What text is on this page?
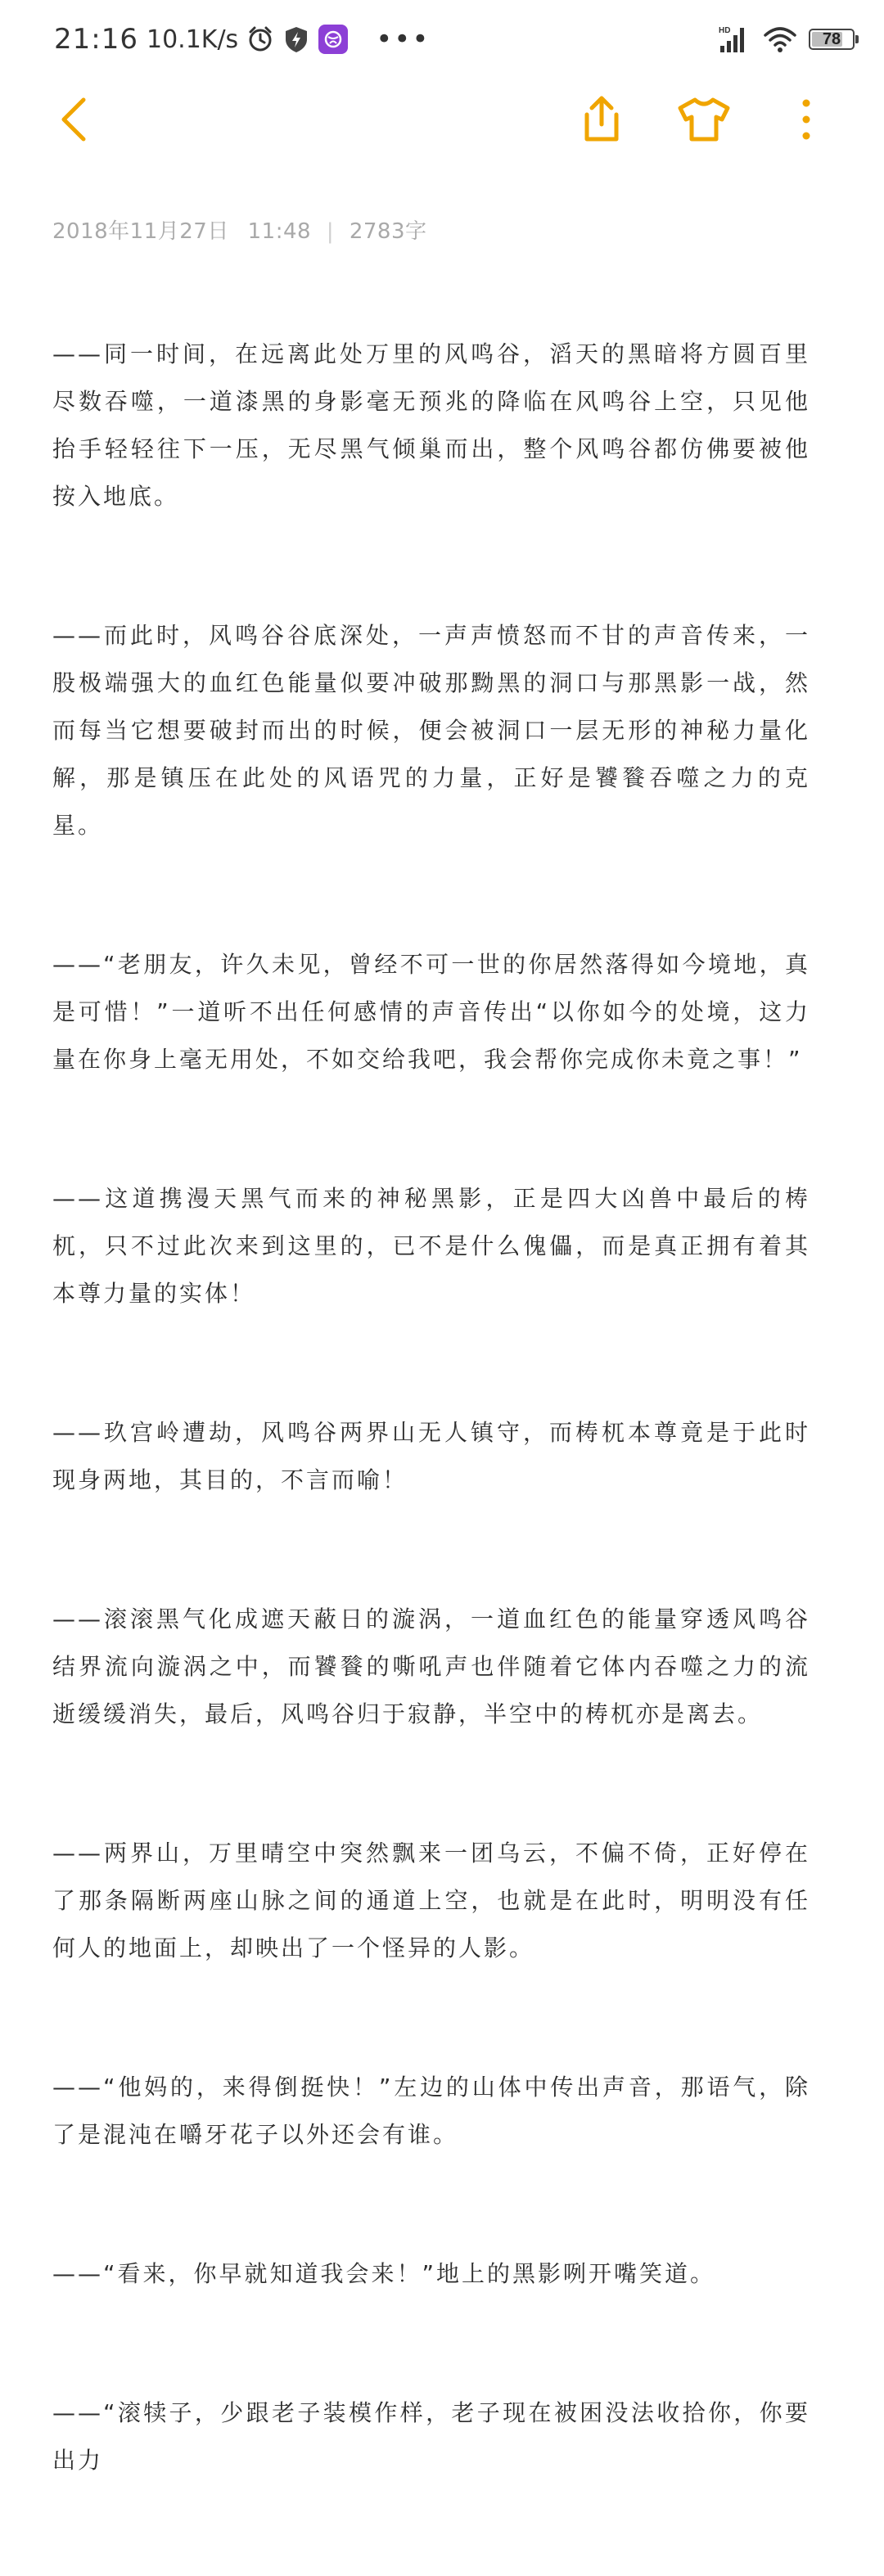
21:16 10.1K/s	•••	HD	78
2018年11月27日 11:48 | 2783字

——同一时间，在远离此处万里的风鸣谷，滔天的黑暗将方圆百里尽数吞噬，一道漆黑的身影毫无预兆的降临在风鸣谷上空，只见他抬手轻轻往下一压，无尽黑气倾巢而出，整个风鸣谷都仿佛要被他按入地底。

——而此时，风鸣谷谷底深处，一声声愤怒而不甘的声音传来，一股极端强大的血红色能量似要冲破那黝黑的洞口与那黑影一战，然而每当它想要破封而出的时候，便会被洞口一层无形的神秘力量化解，那是镇压在此处的风语咒的力量，正好是饕餮吞噬之力的克星。

——“老朋友，许久未见，曾经不可一世的你居然落得如今境地，真是可惜！”一道听不出任何感情的声音传出“以你如今的处境，这力量在你身上毫无用处，不如交给我吧，我会帮你完成你未竟之事！”

——这道携漫天黑气而来的神秘黑影，正是四大凶兽中最后的梼杌，只不过此次来到这里的，已不是什么傀儡，而是真正拥有着其本尊力量的实体！

——玖宫岭遭劫，风鸣谷两界山无人镇守，而梼杌本尊竟是于此时现身两地，其目的，不言而喻！

——滚滚黑气化成遮天蔽日的漩涡，一道血红色的能量穿透风鸣谷结界流向漩涡之中，而饕餮的嘶吼声也伴随着它体内吞噬之力的流逝缓缓消失，最后，风鸣谷归于寂静，半空中的梼杌亦是离去。

——两界山，万里晴空中突然飘来一团乌云，不偏不倚，正好停在了那条隔断两座山脉之间的通道上空，也就是在此时，明明没有任何人的地面上，却映出了一个怪异的人影。

——“他妈的，来得倒挺快！”左边的山体中传出声音，那语气，除了是混沌在嚼牙花子以外还会有谁。

——“看来，你早就知道我会来！”地上的黑影咧开嘴笑道。

——“滚犊子，少跟老子装模作样，老子现在被困没法收拾你，你要出力
